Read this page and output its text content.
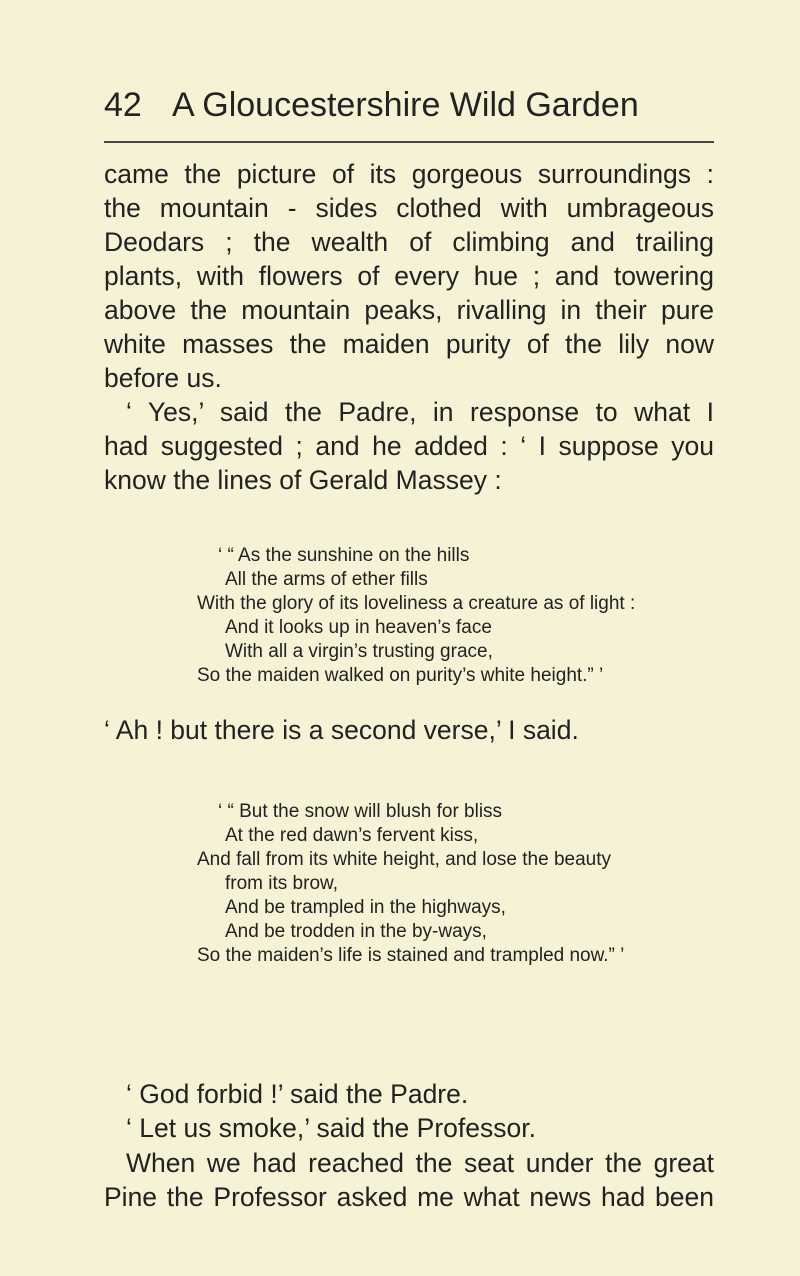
42 A Gloucestershire Wild Garden

came the picture of its gorgeous surroundings :
the mountain - sides clothed with umbrageous
Deodars ; the wealth of climbing and trailing
plants, with flowers of every hue ; and towering
above the mountain peaks, rivalling in their pure
white masses the maiden purity of the lily now
before us.

‘ Yes,’ said the Padre, in response to what I
had suggested ; and he added : ‘ I suppose you
know the lines of Gerald Massey :

‘ “ As the sunshine on the hills
All the arms of ether fills
With the glory of its loveliness a creature as of light :
And it looks up in heaven’s face
With all a virgin’s trusting grace,
So the maiden walked on purity’s white height.” ’

‘ Ah ! but there is a second verse,’ I said.

‘ “ But the snow will blush for bliss
At the red dawn’s fervent kiss,
And fall from its white height, and lose the beauty
from its brow,
And be trampled in the highways,
And be trodden in the by-ways,
So the maiden’s life is stained and trampled now.” ’

‘ God forbid !’ said the Padre.

‘ Let us smoke,’ said the Professor.

When we had reached the seat under the great
Pine the Professor asked me what news had been
